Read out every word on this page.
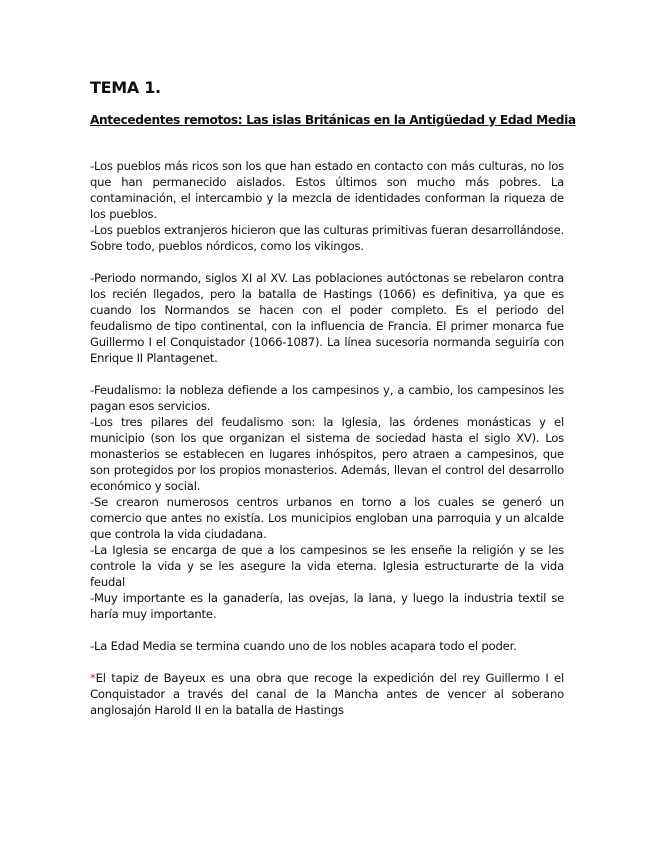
TEMA 1.
Antecedentes remotos: Las islas Británicas en la Antigüedad y Edad Media

-Los pueblos más ricos son los que han estado en contacto con más culturas, no los que han permanecido aislados. Estos últimos son mucho más pobres. La contaminación, el intercambio y la mezcla de identidades conforman la riqueza de los pueblos.

-Los pueblos extranjeros hicieron que las culturas primitivas fueran desarrollándose. Sobre todo, pueblos nórdicos, como los vikingos.

-Periodo normando, siglos XI al XV. Las poblaciones autóctonas se rebelaron contra los recién llegados, pero la batalla de Hastings (1066) es definitiva, ya que es cuando los Normandos se hacen con el poder completo. Es el periodo del feudalismo de tipo continental, con la influencia de Francia. El primer monarca fue Guillermo I el Conquistador (1066-1087). La línea sucesoria normanda seguiría con Enrique II Plantagenet.

-Feudalismo: la nobleza defiende a los campesinos y, a cambio, los campesinos les pagan esos servicios.

-Los tres pilares del feudalismo son: la Iglesia, las órdenes monásticas y el municipio (son los que organizan el sistema de sociedad hasta el siglo XV). Los monasterios se establecen en lugares inhóspitos, pero atraen a campesinos, que son protegidos por los propios monasterios. Además, llevan el control del desarrollo económico y social.

-Se crearon numerosos centros urbanos en torno a los cuales se generó un comercio que antes no existía. Los municipios engloban una parroquia y un alcalde que controla la vida ciudadana.

-La Iglesia se encarga de que a los campesinos se les enseñe la religión y se les controle la vida y se les asegure la vida eterna. Iglesia estructurarte de la vida feudal

-Muy importante es la ganadería, las ovejas, la lana, y luego la industria textil se haría muy importante.

-La Edad Media se termina cuando uno de los nobles acapara todo el poder.

*El tapiz de Bayeux es una obra que recoge la expedición del rey Guillermo I el Conquistador a través del canal de la Mancha antes de vencer al soberano anglosajón Harold II en la batalla de Hastings
